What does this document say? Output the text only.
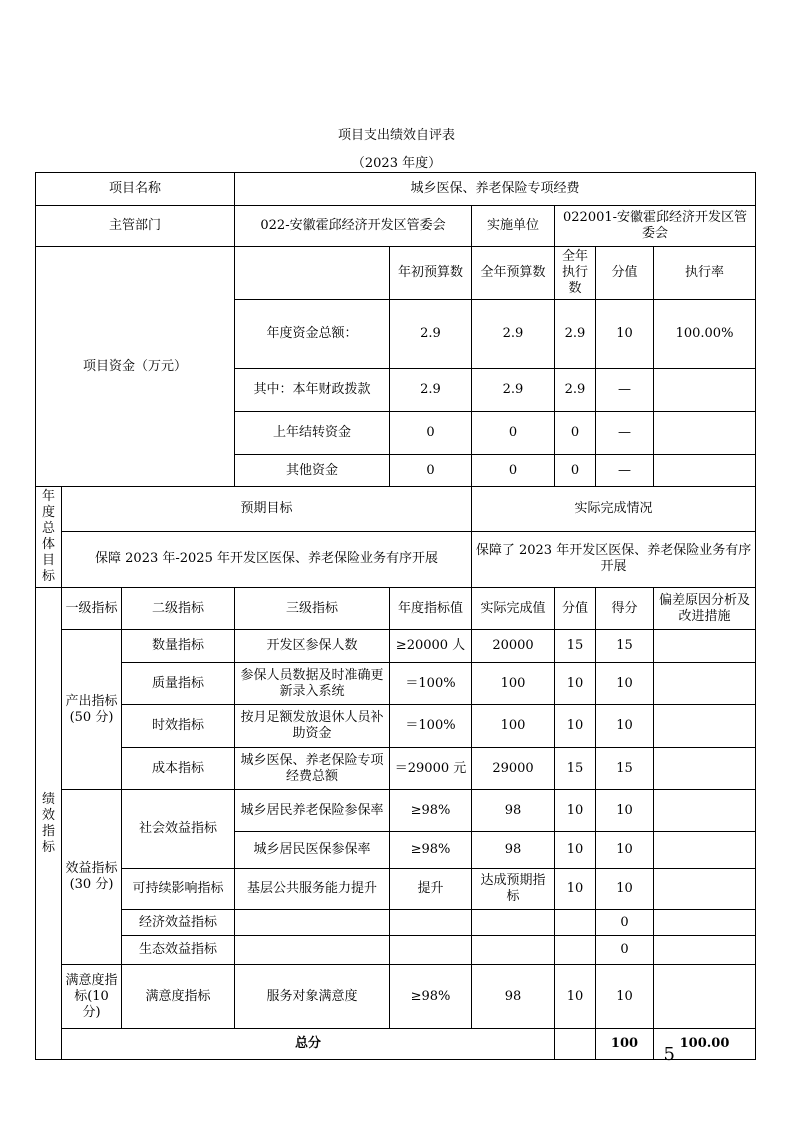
项目支出绩效自评表
（2023 年度）
项目名称			城乡医保、养老保险专项经费						
主管部门			022-安徽霍邱经济开发区管委会		实施单位	022001-安徽霍邱经济开发区管委会			
项目资金（万元）				年初预算数	全年预算数	全年执行数	分值	执行率	
			年度资金总额：	2.9	2.9	2.9	10	100.00%	
			其中：本年财政拨款	2.9	2.9	2.9	—		
			上年结转资金	0	0	0	—		
			其他资金	0	0	0	—		
年度总体目标	预期目标				实际完成情况				
	保障 2023 年-2025 年开发区医保、养老保险业务有序开展				保障了 2023 年开发区医保、养老保险业务有序开展				
绩效指标	一级指标	二级指标	三级指标	年度指标值	实际完成值	分值	得分	偏差原因分析及改进措施	
	产出指标(50 分)	数量指标	开发区参保人数	≥20000 人	20000	15	15		
		质量指标	参保人员数据及时准确更新录入系统	＝100%	100	10	10		
		时效指标	按月足额发放退休人员补助资金	＝100%	100	10	10		
		成本指标	城乡医保、养老保险专项经费总额	＝29000 元	29000	15	15		
	效益指标(30 分)	社会效益指标	城乡居民养老保险参保率	≥98%	98	10	10		
			城乡居民医保参保率	≥98%	98	10	10		
		可持续影响指标	基层公共服务能力提升	提升	达成预期指标	10	10		
		经济效益指标					0		
		生态效益指标					0		
	满意度指标(10 分)	满意度指标	服务对象满意度	≥98%	98	10	10		
	总分						100	100.00	
5
